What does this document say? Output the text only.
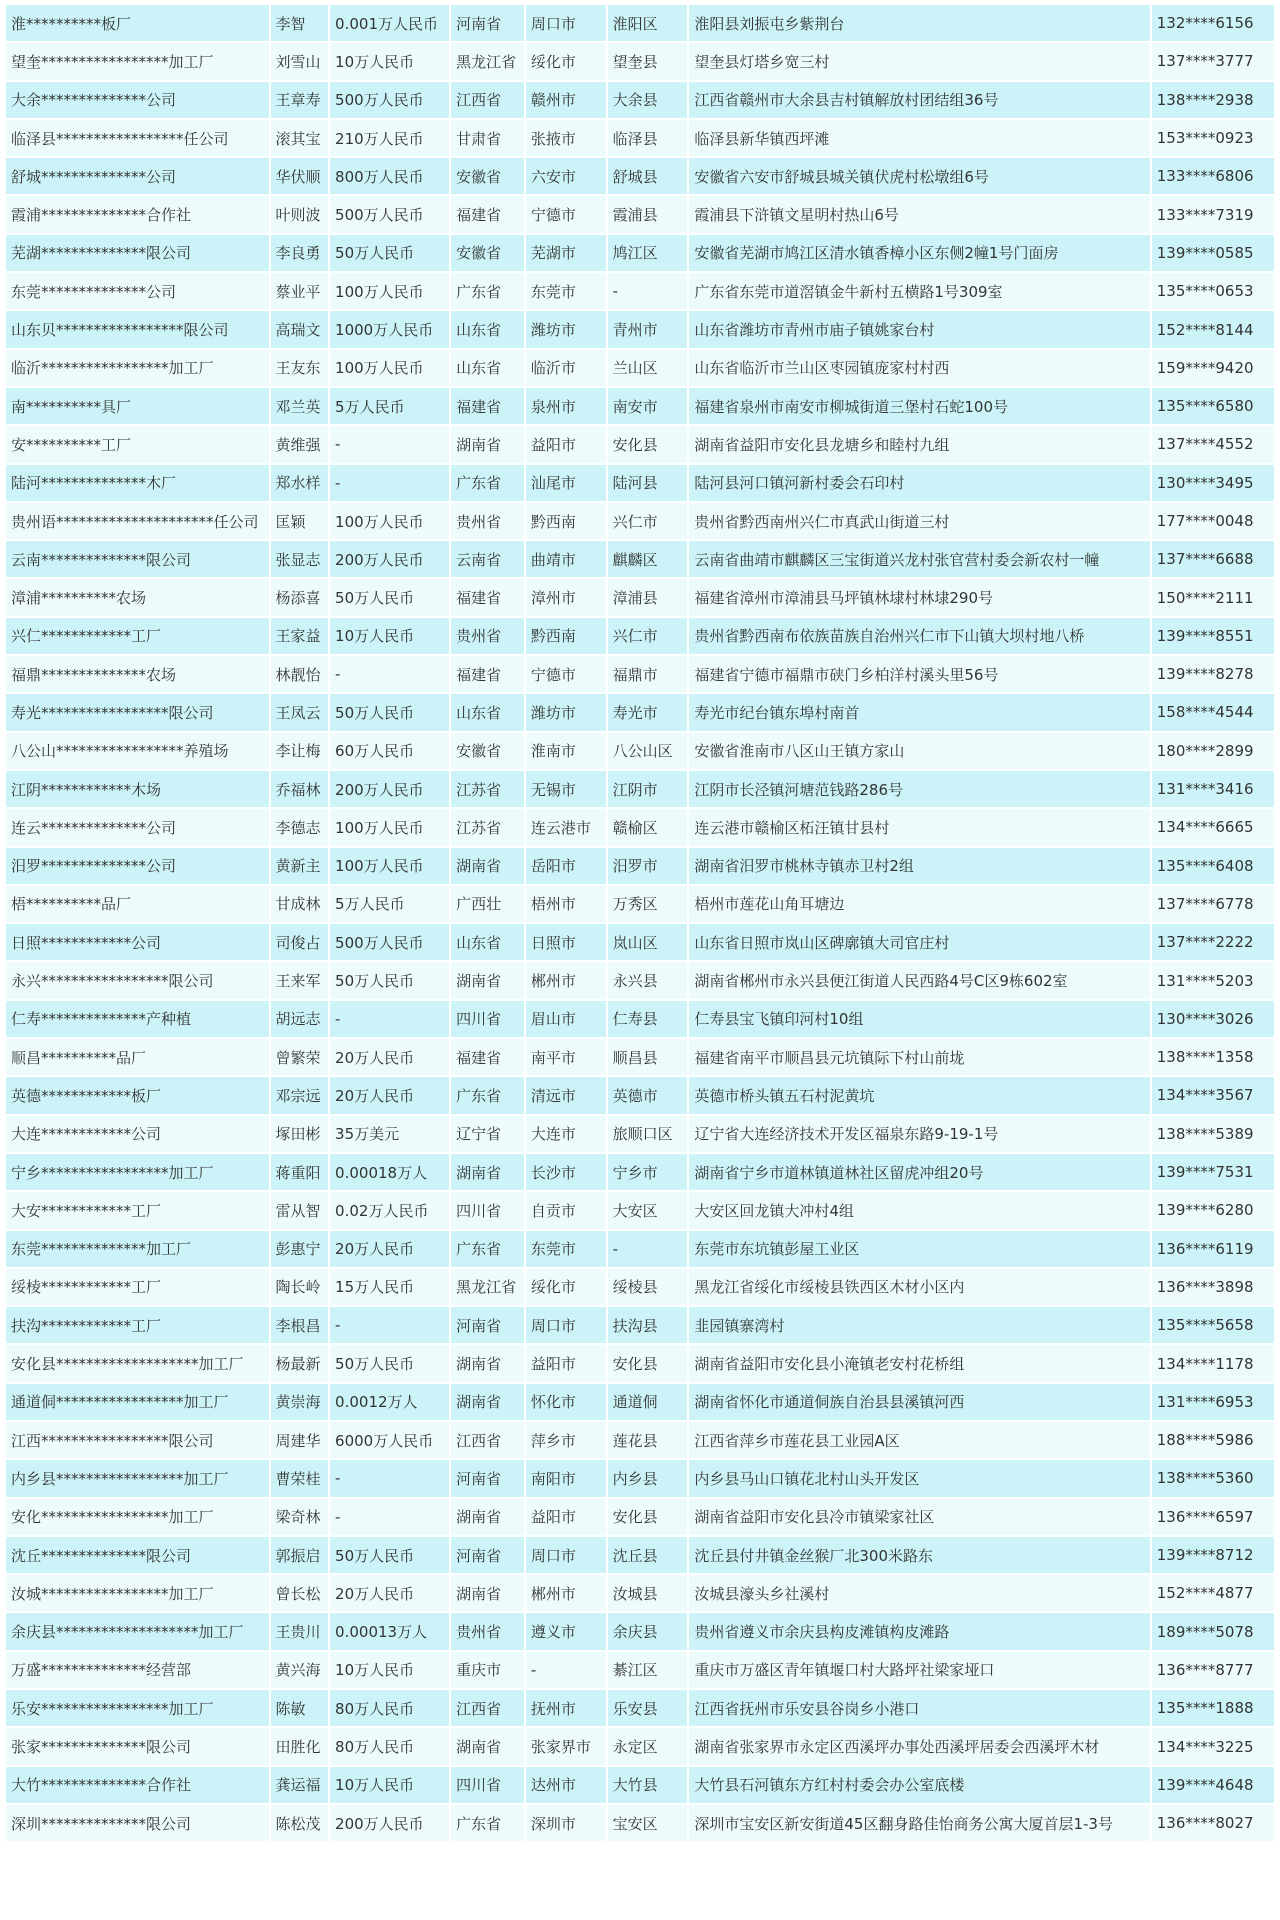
淮**********板厂	李智	0.001万人民币	河南省	周口市	淮阳区	淮阳县刘振屯乡紫荆台	132****6156
望奎*****************加工厂	刘雪山	10万人民币	黑龙江省	绥化市	望奎县	望奎县灯塔乡宽三村	137****3777
大余**************公司	王章寿	500万人民币	江西省	赣州市	大余县	江西省赣州市大余县吉村镇解放村团结组36号	138****2938
临泽县*****************任公司	滚其宝	210万人民币	甘肃省	张掖市	临泽县	临泽县新华镇西坪滩	153****0923
舒城**************公司	华伏顺	800万人民币	安徽省	六安市	舒城县	安徽省六安市舒城县城关镇伏虎村松墩组6号	133****6806
霞浦**************合作社	叶则波	500万人民币	福建省	宁德市	霞浦县	霞浦县下浒镇文星明村热山6号	133****7319
芜湖**************限公司	李良勇	50万人民币	安徽省	芜湖市	鸠江区	安徽省芜湖市鸠江区清水镇香樟小区东侧2幢1号门面房	139****0585
东莞**************公司	蔡业平	100万人民币	广东省	东莞市	-	广东省东莞市道滘镇金牛新村五横路1号309室	135****0653
山东贝*****************限公司	高瑞文	1000万人民币	山东省	潍坊市	青州市	山东省潍坊市青州市庙子镇姚家台村	152****8144
临沂*****************加工厂	王友东	100万人民币	山东省	临沂市	兰山区	山东省临沂市兰山区枣园镇庞家村村西	159****9420
南**********具厂	邓兰英	5万人民币	福建省	泉州市	南安市	福建省泉州市南安市柳城街道三堡村石蛇100号	135****6580
安**********工厂	黄维强	-	湖南省	益阳市	安化县	湖南省益阳市安化县龙塘乡和睦村九组	137****4552
陆河**************木厂	郑水样	-	广东省	汕尾市	陆河县	陆河县河口镇河新村委会石印村	130****3495
贵州语*********************任公司	匡颖	100万人民币	贵州省	黔西南	兴仁市	贵州省黔西南州兴仁市真武山街道三村	177****0048
云南**************限公司	张显志	200万人民币	云南省	曲靖市	麒麟区	云南省曲靖市麒麟区三宝街道兴龙村张官营村委会新农村一幢	137****6688
漳浦**********农场	杨添喜	50万人民币	福建省	漳州市	漳浦县	福建省漳州市漳浦县马坪镇林埭村林埭290号	150****2111
兴仁************工厂	王家益	10万人民币	贵州省	黔西南	兴仁市	贵州省黔西南布依族苗族自治州兴仁市下山镇大坝村地八桥	139****8551
福鼎**************农场	林靓怡	-	福建省	宁德市	福鼎市	福建省宁德市福鼎市硖门乡柏洋村溪头里56号	139****8278
寿光*****************限公司	王凤云	50万人民币	山东省	潍坊市	寿光市	寿光市纪台镇东埠村南首	158****4544
八公山*****************养殖场	李让梅	60万人民币	安徽省	淮南市	八公山区	安徽省淮南市八区山王镇方家山	180****2899
江阴************木场	乔福林	200万人民币	江苏省	无锡市	江阴市	江阴市长泾镇河塘范钱路286号	131****3416
连云**************公司	李德志	100万人民币	江苏省	连云港市	赣榆区	连云港市赣榆区柘汪镇甘县村	134****6665
汨罗**************公司	黄新主	100万人民币	湖南省	岳阳市	汨罗市	湖南省汨罗市桃林寺镇赤卫村2组	135****6408
梧**********品厂	甘成林	5万人民币	广西壮	梧州市	万秀区	梧州市莲花山角耳塘边	137****6778
日照************公司	司俊占	500万人民币	山东省	日照市	岚山区	山东省日照市岚山区碑廓镇大司官庄村	137****2222
永兴*****************限公司	王来军	50万人民币	湖南省	郴州市	永兴县	湖南省郴州市永兴县便江街道人民西路4号C区9栋602室	131****5203
仁寿**************产种植	胡远志	-	四川省	眉山市	仁寿县	仁寿县宝飞镇印河村10组	130****3026
顺昌**********品厂	曾繁荣	20万人民币	福建省	南平市	顺昌县	福建省南平市顺昌县元坑镇际下村山前垅	138****1358
英德************板厂	邓宗远	20万人民币	广东省	清远市	英德市	英德市桥头镇五石村泥黄坑	134****3567
大连************公司	塚田彬	35万美元	辽宁省	大连市	旅顺口区	辽宁省大连经济技术开发区福泉东路9-19-1号	138****5389
宁乡*****************加工厂	蒋重阳	0.00018万人	湖南省	长沙市	宁乡市	湖南省宁乡市道林镇道林社区留虎冲组20号	139****7531
大安************工厂	雷从智	0.02万人民币	四川省	自贡市	大安区	大安区回龙镇大冲村4组	139****6280
东莞**************加工厂	彭惠宁	20万人民币	广东省	东莞市	-	东莞市东坑镇彭屋工业区	136****6119
绥棱************工厂	陶长岭	15万人民币	黑龙江省	绥化市	绥棱县	黑龙江省绥化市绥棱县铁西区木材小区内	136****3898
扶沟************工厂	李根昌	-	河南省	周口市	扶沟县	韭园镇寨湾村	135****5658
安化县*******************加工厂	杨最新	50万人民币	湖南省	益阳市	安化县	湖南省益阳市安化县小淹镇老安村花桥组	134****1178
通道侗*****************加工厂	黄崇海	0.0012万人	湖南省	怀化市	通道侗	湖南省怀化市通道侗族自治县县溪镇河西	131****6953
江西*****************限公司	周建华	6000万人民币	江西省	萍乡市	莲花县	江西省萍乡市莲花县工业园A区	188****5986
内乡县*****************加工厂	曹荣桂	-	河南省	南阳市	内乡县	内乡县马山口镇花北村山头开发区	138****5360
安化*****************加工厂	梁奇林	-	湖南省	益阳市	安化县	湖南省益阳市安化县冷市镇梁家社区	136****6597
沈丘**************限公司	郭振启	50万人民币	河南省	周口市	沈丘县	沈丘县付井镇金丝猴厂北300米路东	139****8712
汝城*****************加工厂	曾长松	20万人民币	湖南省	郴州市	汝城县	汝城县濠头乡社溪村	152****4877
余庆县*******************加工厂	王贵川	0.00013万人	贵州省	遵义市	余庆县	贵州省遵义市余庆县构皮滩镇构皮滩路	189****5078
万盛**************经营部	黄兴海	10万人民币	重庆市	-	綦江区	重庆市万盛区青年镇堰口村大路坪社梁家垭口	136****8777
乐安*****************加工厂	陈敏	80万人民币	江西省	抚州市	乐安县	江西省抚州市乐安县谷岗乡小港口	135****1888
张家**************限公司	田胜化	80万人民币	湖南省	张家界市	永定区	湖南省张家界市永定区西溪坪办事处西溪坪居委会西溪坪木材	134****3225
大竹**************合作社	龚运福	10万人民币	四川省	达州市	大竹县	大竹县石河镇东方红村村委会办公室底楼	139****4648
深圳**************限公司	陈松茂	200万人民币	广东省	深圳市	宝安区	深圳市宝安区新安街道45区翻身路佳怡商务公寓大厦首层1-3号	136****8027
